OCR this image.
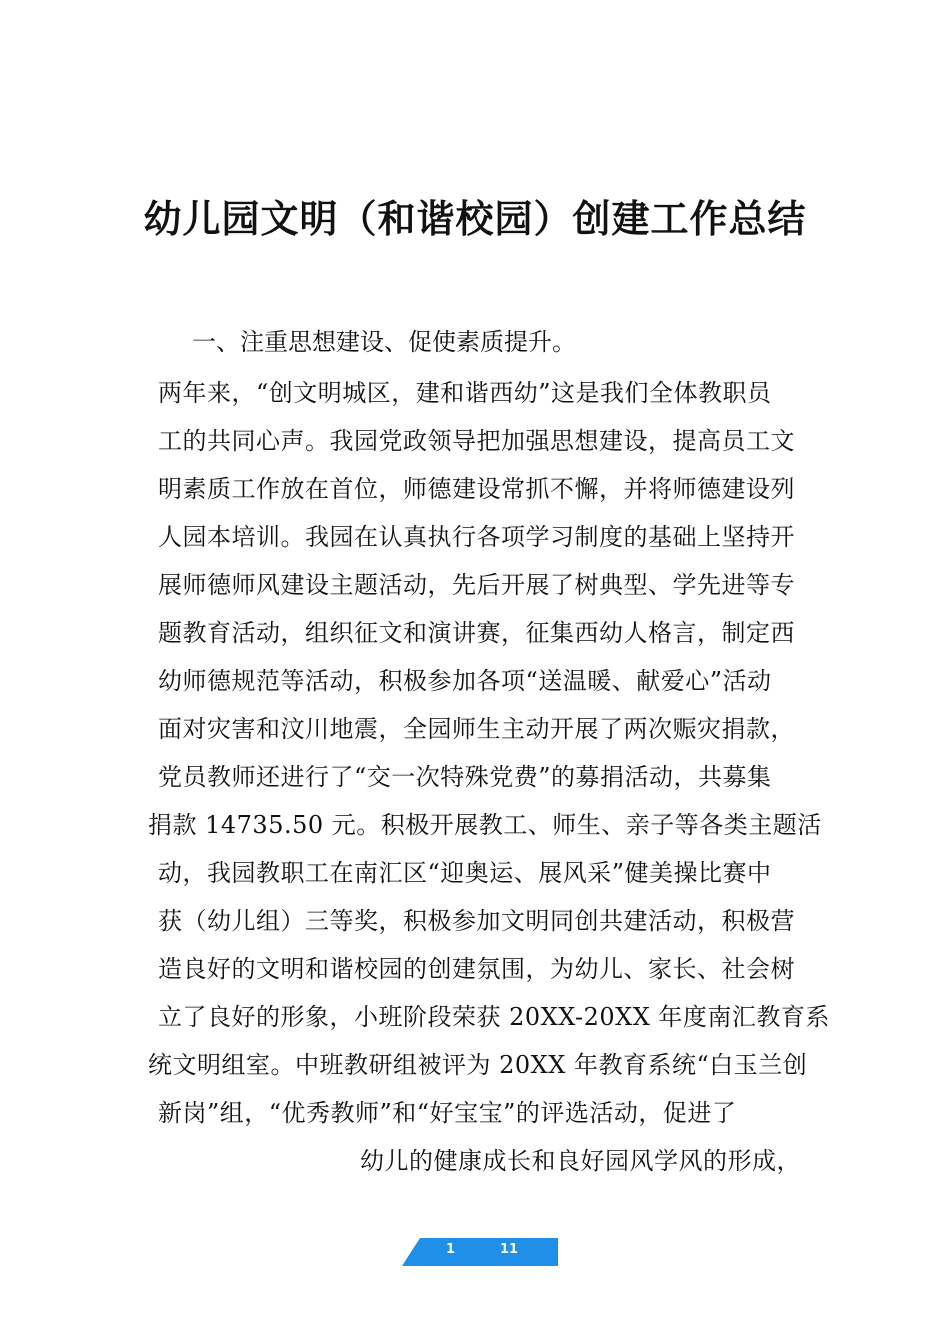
幼儿园文明（和谐校园）创建工作总结
一、注重思想建设、促使素质提升。
两年来，“创文明城区，建和谐西幼”这是我们全体教职员
工的共同心声。我园党政领导把加强思想建设，提高员工文
明素质工作放在首位，师德建设常抓不懈，并将师德建设列
人园本培训。我园在认真执行各项学习制度的基础上坚持开
展师德师风建设主题活动，先后开展了树典型、学先进等专
题教育活动，组织征文和演讲赛，征集西幼人格言，制定西
幼师德规范等活动，积极参加各项“送温暖、献爱心”活动
面对灾害和汶川地震，全园师生主动开展了两次赈灾捐款，
党员教师还进行了“交一次特殊党费”的募捐活动，共募集
捐款 14735.50 元。积极开展教工、师生、亲子等各类主题活
动，我园教职工在南汇区“迎奥运、展风采”健美操比赛中
获（幼儿组）三等奖，积极参加文明同创共建活动，积极营
造良好的文明和谐校园的创建氛围，为幼儿、家长、社会树
立了良好的形象，小班阶段荣获 20XX-20XX 年度南汇教育系
统文明组室。中班教研组被评为 20XX 年教育系统“白玉兰创
新岗”组，“优秀教师”和“好宝宝”的评选活动，促进了
幼儿的健康成长和良好园风学风的形成，
1	11
